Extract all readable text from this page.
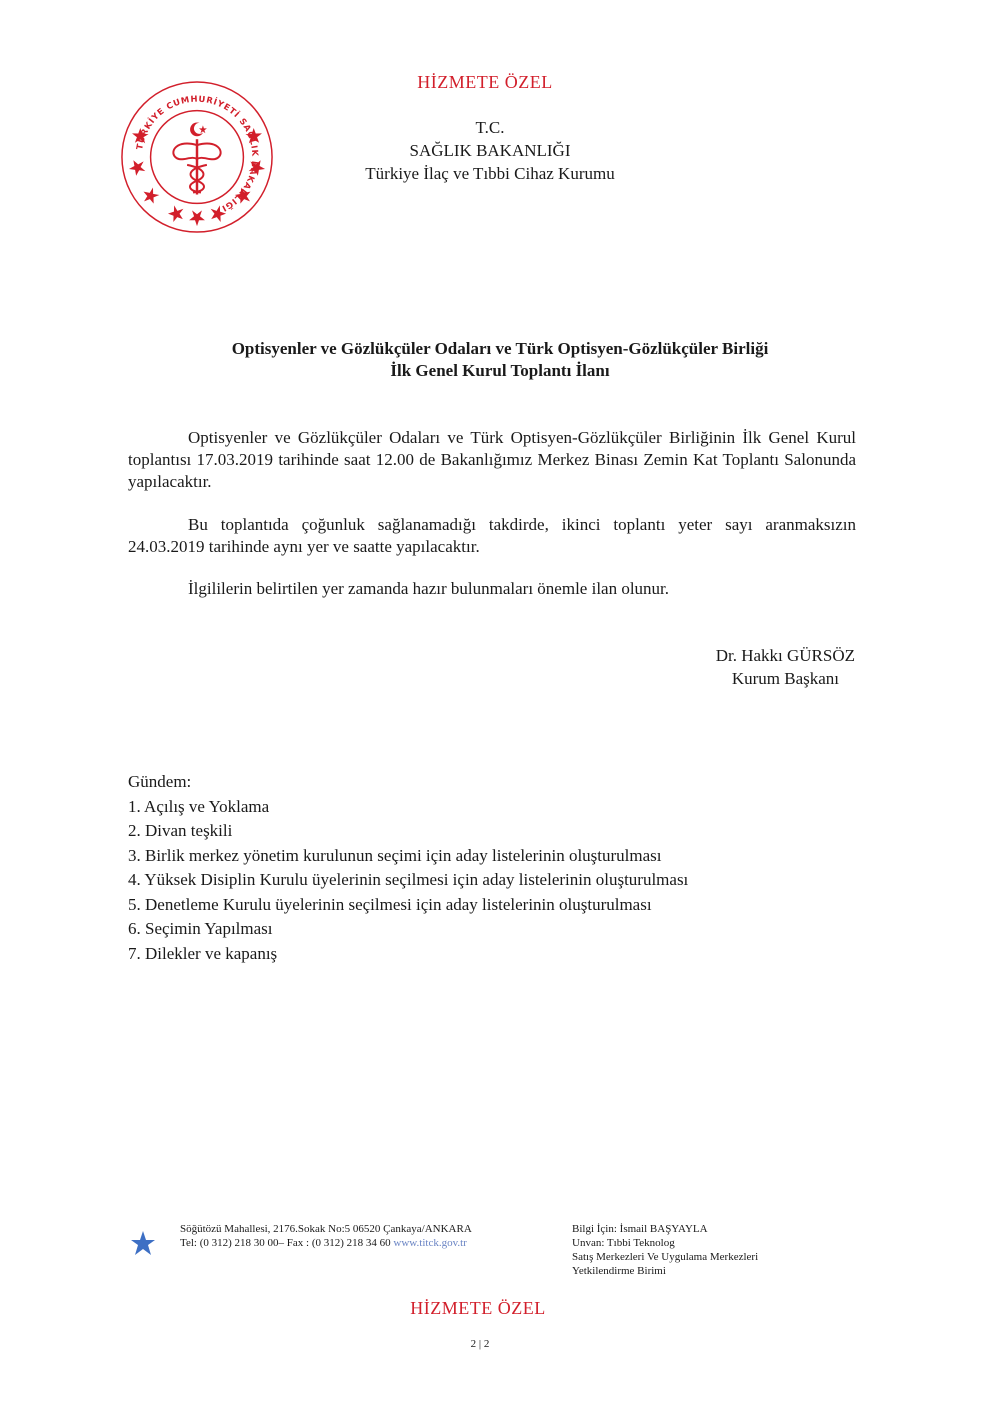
HİZMETE ÖZEL
TÜRKİYE CUMHURİYETİ SAĞLIK BAKANLIĞI
T.C.
SAĞLIK BAKANLIĞI
Türkiye İlaç ve Tıbbi Cihaz Kurumu
Optisyenler ve Gözlükçüler Odaları ve Türk Optisyen-Gözlükçüler Birliği
İlk Genel Kurul Toplantı İlanı
Optisyenler ve Gözlükçüler Odaları ve Türk Optisyen-Gözlükçüler Birliğinin İlk Genel Kurul toplantısı 17.03.2019 tarihinde saat 12.00 de Bakanlığımız Merkez Binası Zemin Kat Toplantı Salonunda yapılacaktır.
Bu toplantıda çoğunluk sağlanamadığı takdirde, ikinci toplantı yeter sayı aranmaksızın 24.03.2019 tarihinde aynı yer ve saatte yapılacaktır.
İlgililerin belirtilen yer zamanda hazır bulunmaları önemle ilan olunur.
Dr. Hakkı GÜRSÖZ
Kurum Başkanı
Gündem:
1. Açılış ve Yoklama
2. Divan teşkili
3. Birlik merkez yönetim kurulunun seçimi için aday listelerinin oluşturulması
4. Yüksek Disiplin Kurulu üyelerinin seçilmesi için aday listelerinin oluşturulması
5. Denetleme Kurulu üyelerinin seçilmesi için aday listelerinin oluşturulması
6. Seçimin Yapılması
7. Dilekler ve kapanış
Söğütözü Mahallesi, 2176.Sokak No:5 06520 Çankaya/ANKARA
Tel: (0 312) 218 30 00– Fax : (0 312) 218 34 60 www.titck.gov.tr
Bilgi İçin: İsmail BAŞYAYLA
Unvan: Tıbbi Teknolog
Satış Merkezleri Ve Uygulama Merkezleri
Yetkilendirme Birimi
HİZMETE ÖZEL
2 | 2
